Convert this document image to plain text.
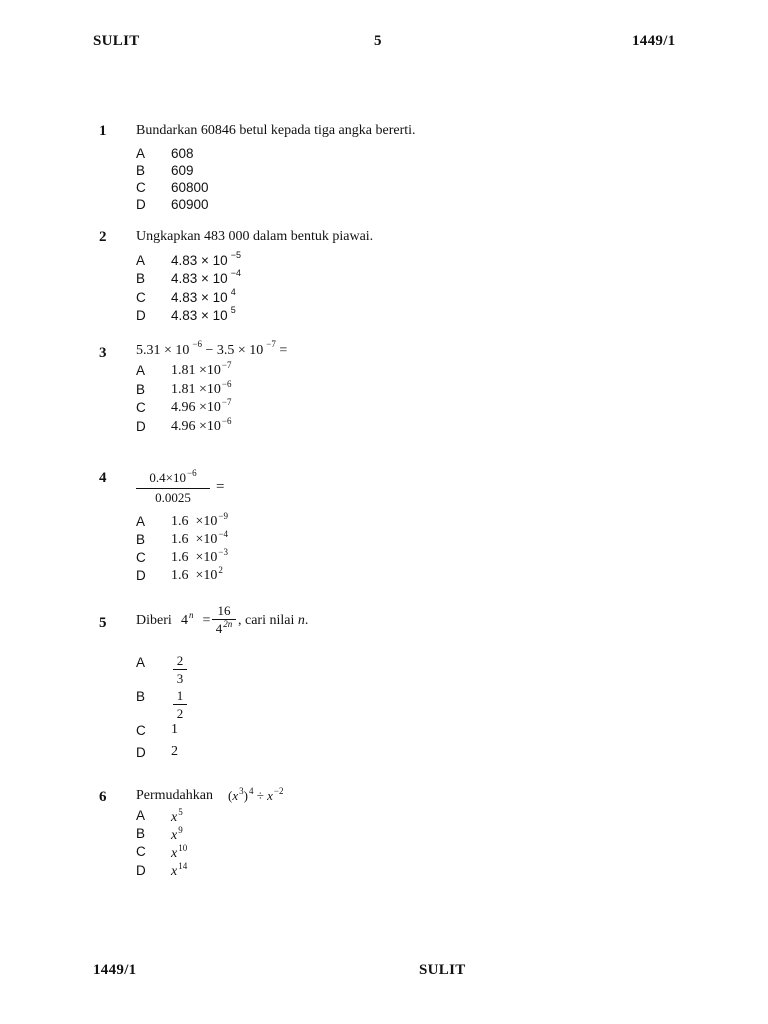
SULIT	5	1449/1
1 Bundarkan 60846 betul kepada tiga angka bererti.
A 608
B 609
C 60800
D 60900
2 Ungkapkan 483 000 dalam bentuk piawai.
A 4.83 × 10 $^{-5}$
B 4.83 × 10 $^{-4}$
C 4.83 × 10 $^4$
D 4.83 × 10 $^5$
3 5.31 × 10 $^{-6}$ − 3.5 × 10 $^{-7}$ =
A $1.81 \times 10^{-7}$
B $1.81 \times 10^{-6}$
C $4.96 \times 10^{-7}$
D $4.96 \times 10^{-6}$
4	$0.4\times 10^{-6}$
0.0025
=
A $1.6 \times 10^{-9}$
B $1.6 \times 10^{-4}$
C $1.6 \times 10^{-3}$
D $1.6 \times 10^2$
5 Diberi $4^n$ =
16
$4^{2n}$ , cari nilai n.
A 2
3
B 1
2
C 1
D 2
6 Permudahkan $(x^3)^4 \div x^{-2}$
A $x^5$
B $x^9$
C $x^{10}$
D $x^{14}$
1449/1	SULIT
